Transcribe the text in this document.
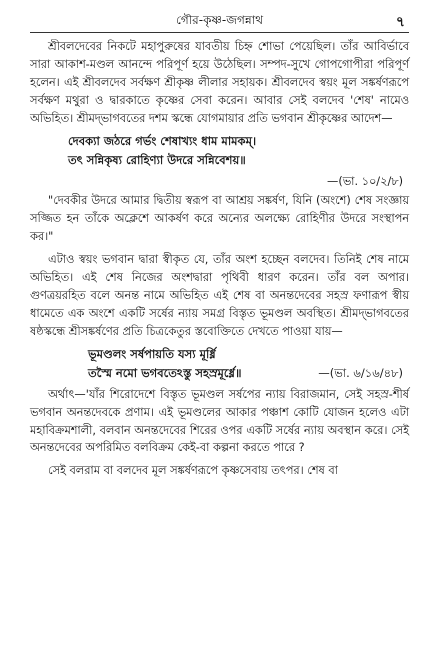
গৌর-কৃষ্ণ-জগন্নাথ	৭

শ্রীবলদেবের নিকটে মহাপুরুষের যাবতীয় চিহ্ন শোভা পেয়েছিল। তাঁর আবির্ভাবে সারা আকাশ-মণ্ডল আনন্দে পরিপূর্ণ হয়ে উঠেছিল। সম্পদ-সুখে গোপগোপীরা পরিপূর্ণ হলেন। এই শ্রীবলদেব সর্বক্ষণ শ্রীকৃষ্ণ লীলার সহায়ক। শ্রীবলদেব স্বয়ং মূল সঙ্কর্ষণরূপে সর্বক্ষণ মথুরা ও দ্বারকাতে কৃষ্ণের সেবা করেন। আবার সেই বলদেব 'শেষ' নামেও অভিহিত। শ্রীমদ্‌ভাগবতের দশম স্কন্ধে যোগমায়ার প্রতি ভগবান শ্রীকৃষ্ণের আদেশ—

দেবক্যা জঠরে গর্ভং শেষাখ্যং ধাম মামকম্‌।
তৎ সন্নিকৃষ্য রোহিণ্যা উদরে সন্নিবেশয়॥
—(ভা. ১০/২/৮)

"দেবকীর উদরে আমার দ্বিতীয় স্বরূপ বা আশ্রয় সঙ্কর্ষণ, যিনি (অংশে) শেষ সংজ্ঞায় সজ্জিত হন তাঁকে অক্লেশে আকর্ষণ করে অন্যের অলক্ষ্যে রোহিণীর উদরে সংস্থাপন কর।"

এটাও স্বয়ং ভগবান দ্বারা স্বীকৃত যে, তাঁর অংশ হচ্ছেন বলদেব। তিনিই শেষ নামে অভিহিত। এই শেষ নিজের অংশদ্বারা পৃথিবী ধারণ করেন। তাঁর বল অপার। গুণত্রয়রহিত বলে অনন্ত নামে অভিহিত এই শেষ বা অনন্তদেবের সহস্র ফণারূপ স্বীয় ধামেতে এক অংশে একটি সর্ষের ন্যায় সমগ্র বিস্তৃত ভূমণ্ডল অবস্থিত। শ্রীমদ্‌ভাগবতের ষষ্ঠস্কন্ধে শ্রীসঙ্কর্ষণের প্রতি চিত্রকেতুর স্তবোক্তিতে দেখতে পাওয়া যায়—

ভূমণ্ডলং সর্ষপায়তি যস্য মূর্ধ্নি
তস্মৈ নমো ভগবতেঽস্তু সহস্রমূর্ধ্নে॥	—(ভা. ৬/১৬/৪৮)

অর্থাৎ—'যাঁর শিরোদেশে বিস্তৃত ভূমণ্ডল সর্ষপের ন্যায় বিরাজমান, সেই সহস্র-শীর্ষ ভগবান অনন্তদেবকে প্রণাম। এই ভূমণ্ডলের আকার পঞ্চাশ কোটি যোজন হলেও এটা মহাবিক্রমশালী, বলবান অনন্তদেবের শিরের ওপর একটি সর্ষের ন্যায় অবস্থান করে। সেই অনন্তদেবের অপরিমিত বলবিক্রম কেই-বা কল্পনা করতে পারে ?

সেই বলরাম বা বলদেব মূল সঙ্কর্ষণরূপে কৃষ্ণসেবায় তৎপর। শেষ বা
